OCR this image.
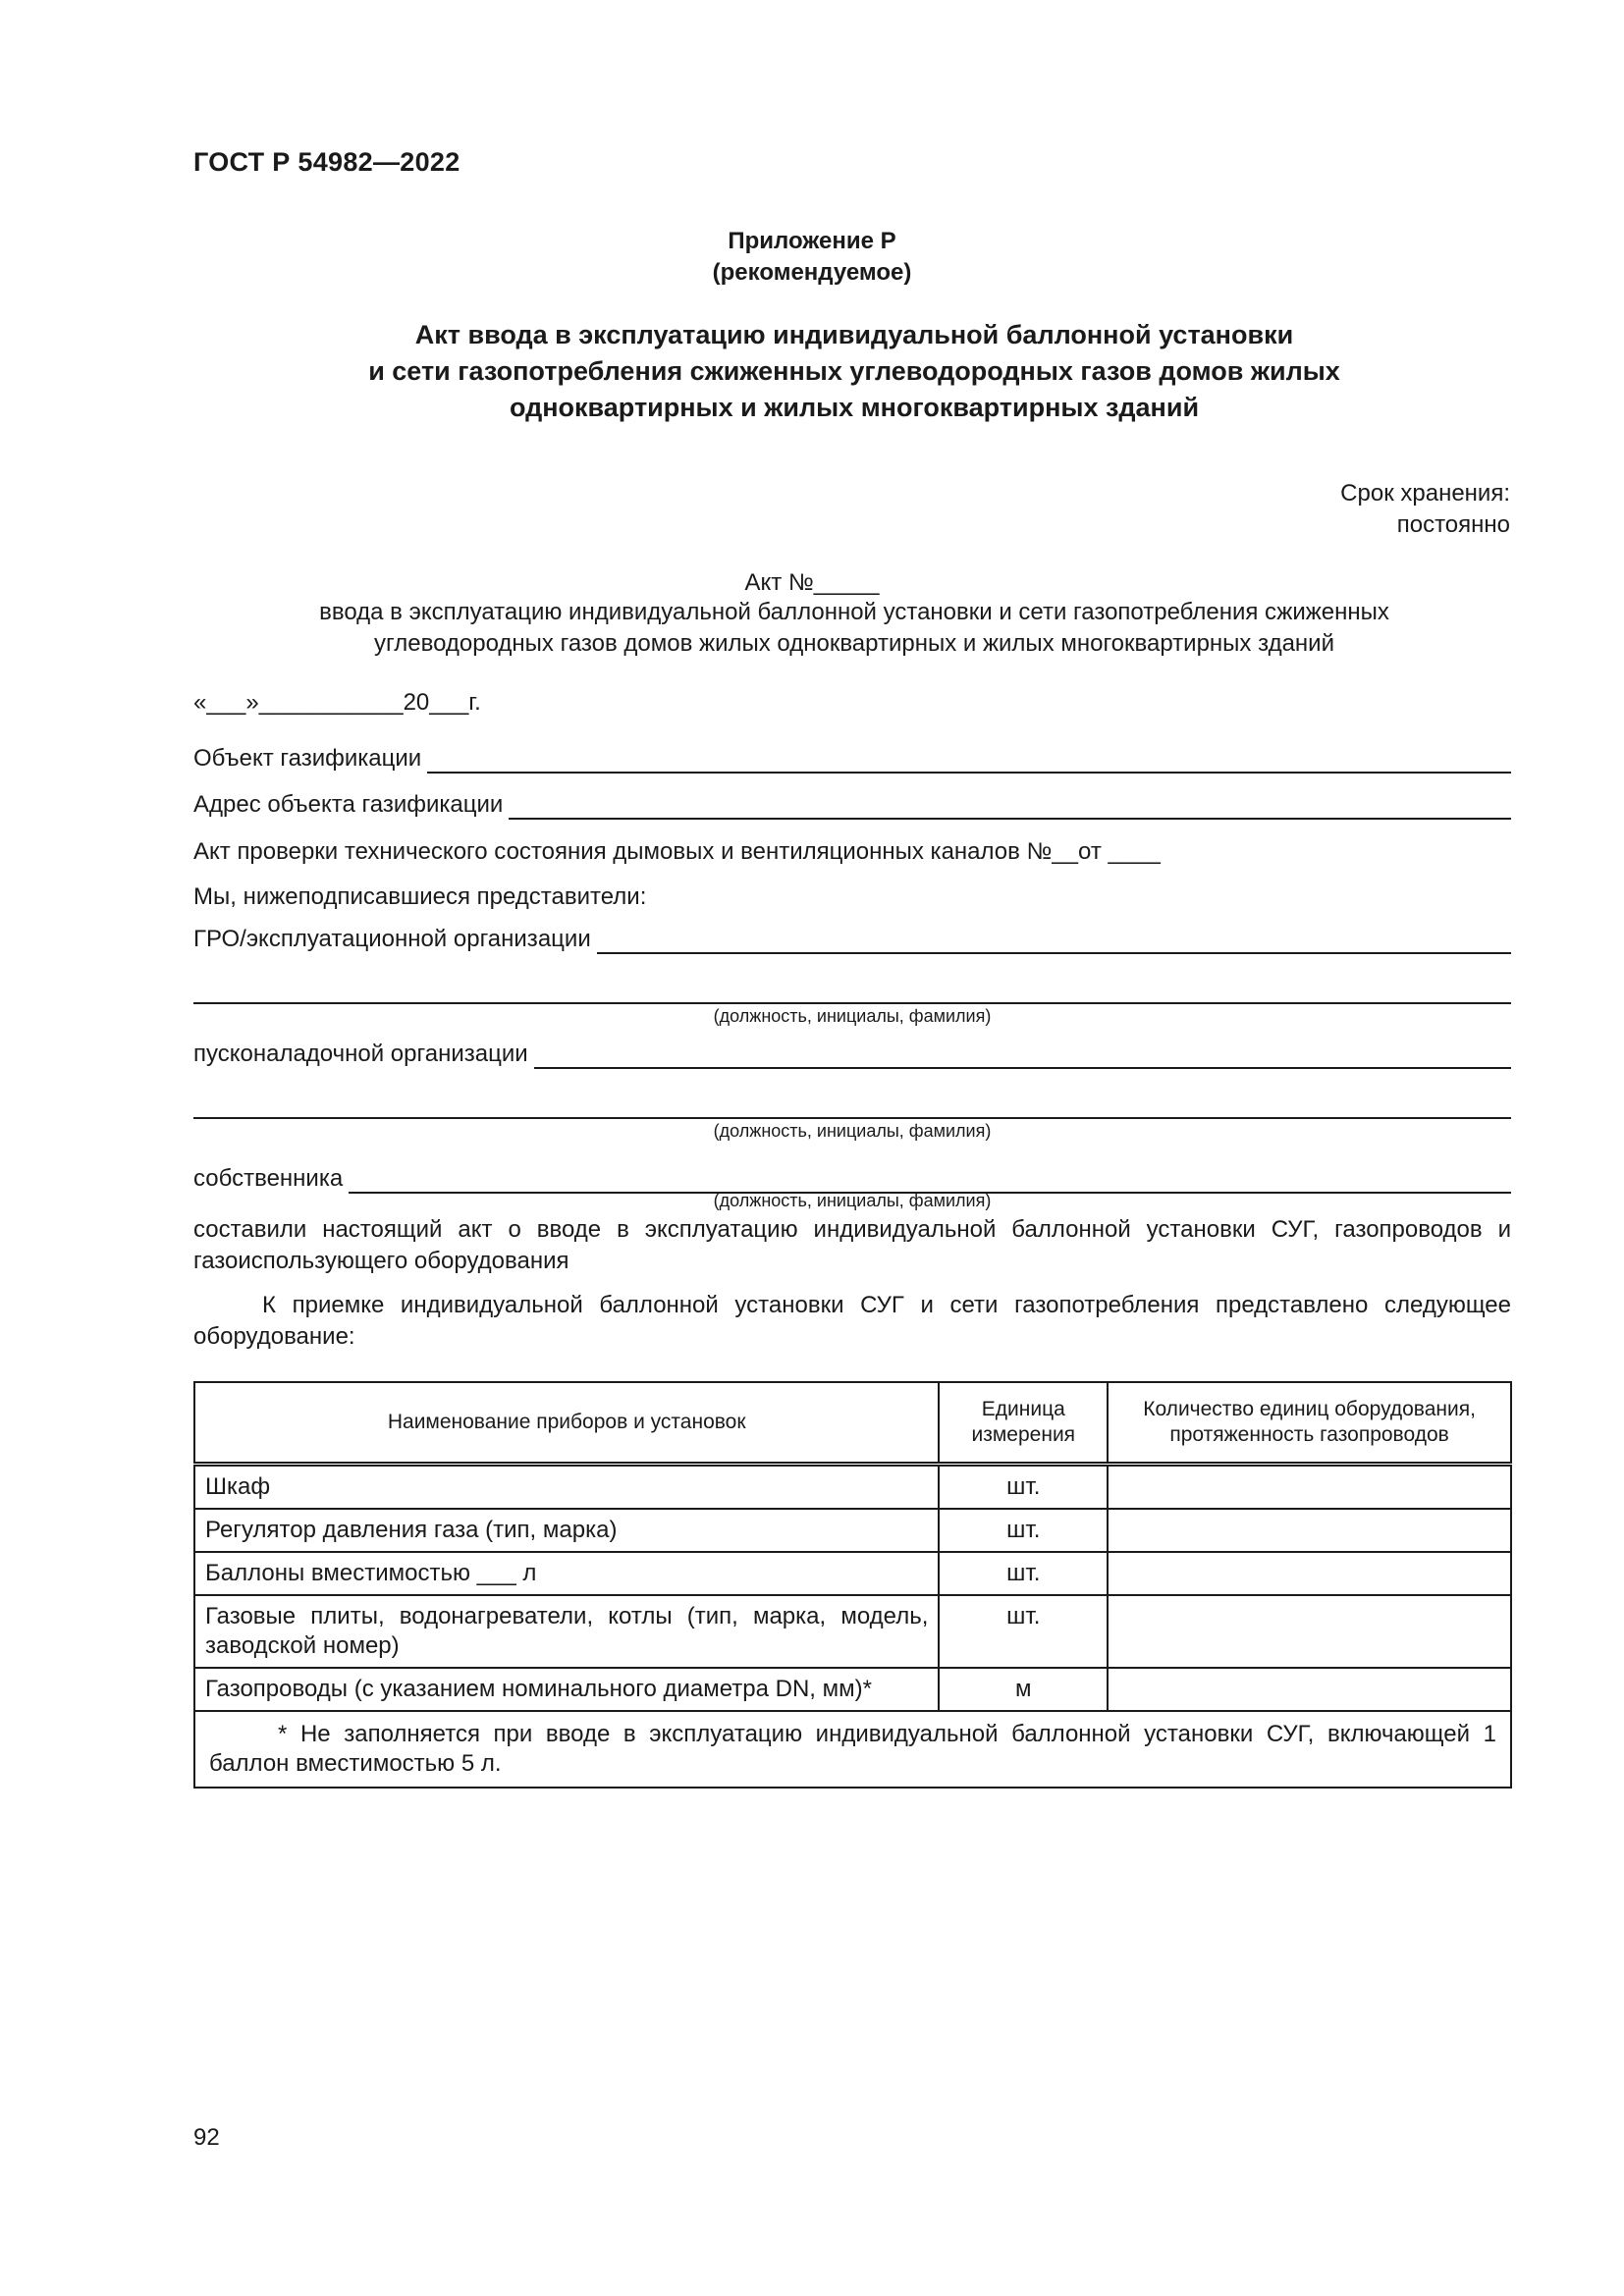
ГОСТ Р 54982—2022
Приложение Р
(рекомендуемое)
Акт ввода в эксплуатацию индивидуальной баллонной установки
и сети газопотребления сжиженных углеводородных газов домов жилых
одноквартирных и жилых многоквартирных зданий
Срок хранения:
постоянно
Акт №_____
ввода в эксплуатацию индивидуальной баллонной установки и сети газопотребления сжиженных углеводородных газов домов жилых одноквартирных и жилых многоквартирных зданий
«___»___________20___г.
Объект газификации
Адрес объекта газификации
Акт проверки технического состояния дымовых и вентиляционных каналов №__от ____
Мы, нижеподписавшиеся представители:
ГРО/эксплуатационной организации
(должность, инициалы, фамилия)
пусконаладочной организации
(должность, инициалы, фамилия)
собственника
(должность, инициалы, фамилия)
составили настоящий акт о вводе в эксплуатацию индивидуальной баллонной установки СУГ, газопроводов и газоиспользующего оборудования
К приемке индивидуальной баллонной установки СУГ и сети газопотребления представлено следующее оборудование:
Наименование приборов и установок	Единица измерения	Количество единиц оборудования, протяженность газопроводов
Шкаф	шт.	
Регулятор давления газа (тип, марка)	шт.	
Баллоны вместимостью ___ л	шт.	
Газовые плиты, водонагреватели, котлы (тип, марка, модель, заводской номер)	шт.	
Газопроводы (с указанием номинального диаметра DN, мм)*	м	

* Не заполняется при вводе в эксплуатацию индивидуальной баллонной установки СУГ, включающей 1 баллон вместимостью 5 л.		
92
